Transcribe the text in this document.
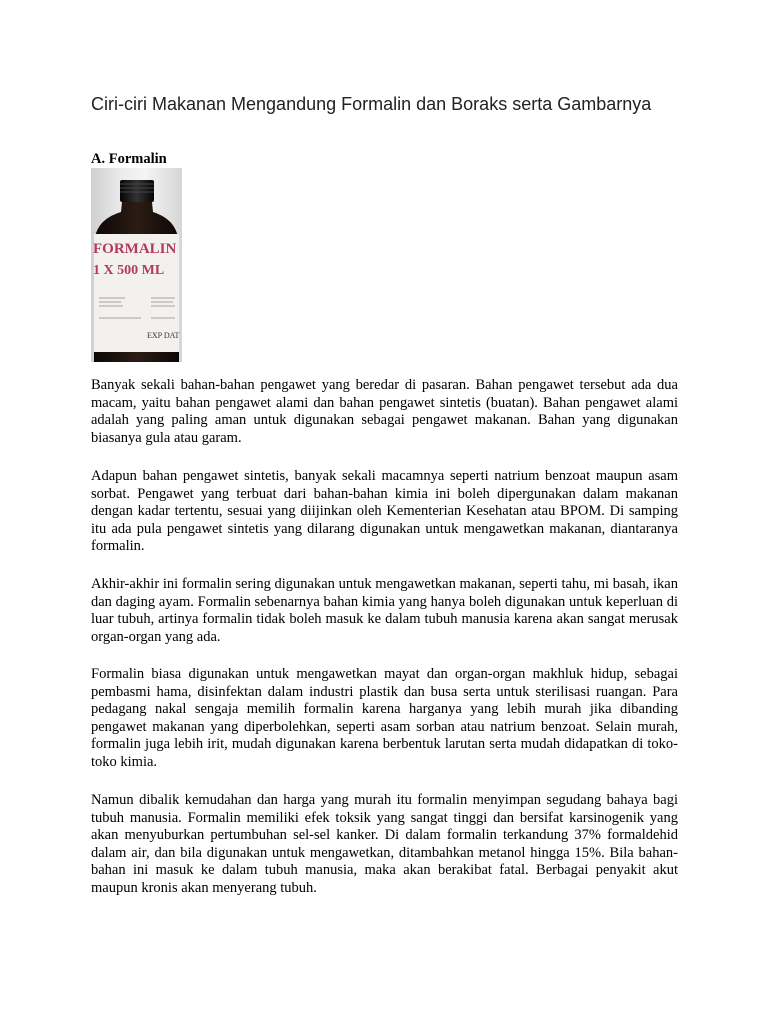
Ciri-ciri Makanan Mengandung Formalin dan Boraks serta Gambarnya
A. Formalin
FORMALIN
1 X 500 ML
EXP DAT

Banyak sekali bahan-bahan pengawet yang beredar di pasaran. Bahan pengawet tersebut ada dua macam, yaitu bahan pengawet alami dan bahan pengawet sintetis (buatan). Bahan pengawet alami adalah yang paling aman untuk digunakan sebagai pengawet makanan. Bahan yang digunakan biasanya gula atau garam.

Adapun bahan pengawet sintetis, banyak sekali macamnya seperti natrium benzoat maupun asam sorbat. Pengawet yang terbuat dari bahan-bahan kimia ini boleh dipergunakan dalam makanan dengan kadar tertentu, sesuai yang diijinkan oleh Kementerian Kesehatan atau BPOM. Di samping itu ada pula pengawet sintetis yang dilarang digunakan untuk mengawetkan makanan, diantaranya formalin.

Akhir-akhir ini formalin sering digunakan untuk mengawetkan makanan, seperti tahu, mi basah, ikan dan daging ayam. Formalin sebenarnya bahan kimia yang hanya boleh digunakan untuk keperluan di luar tubuh, artinya formalin tidak boleh masuk ke dalam tubuh manusia karena akan sangat merusak organ-organ yang ada.

Formalin biasa digunakan untuk mengawetkan mayat dan organ-organ makhluk hidup, sebagai pembasmi hama, disinfektan dalam industri plastik dan busa serta untuk sterilisasi ruangan. Para pedagang nakal sengaja memilih formalin karena harganya yang lebih murah jika dibanding pengawet makanan yang diperbolehkan, seperti asam sorban atau natrium benzoat. Selain murah, formalin juga lebih irit, mudah digunakan karena berbentuk larutan serta mudah didapatkan di toko-toko kimia.

Namun dibalik kemudahan dan harga yang murah itu formalin menyimpan segudang bahaya bagi tubuh manusia. Formalin memiliki efek toksik yang sangat tinggi dan bersifat karsinogenik yang akan menyuburkan pertumbuhan sel-sel kanker. Di dalam formalin terkandung 37% formaldehid dalam air, dan bila digunakan untuk mengawetkan, ditambahkan metanol hingga 15%. Bila bahan-bahan ini masuk ke dalam tubuh manusia, maka akan berakibat fatal. Berbagai penyakit akut maupun kronis akan menyerang tubuh.
